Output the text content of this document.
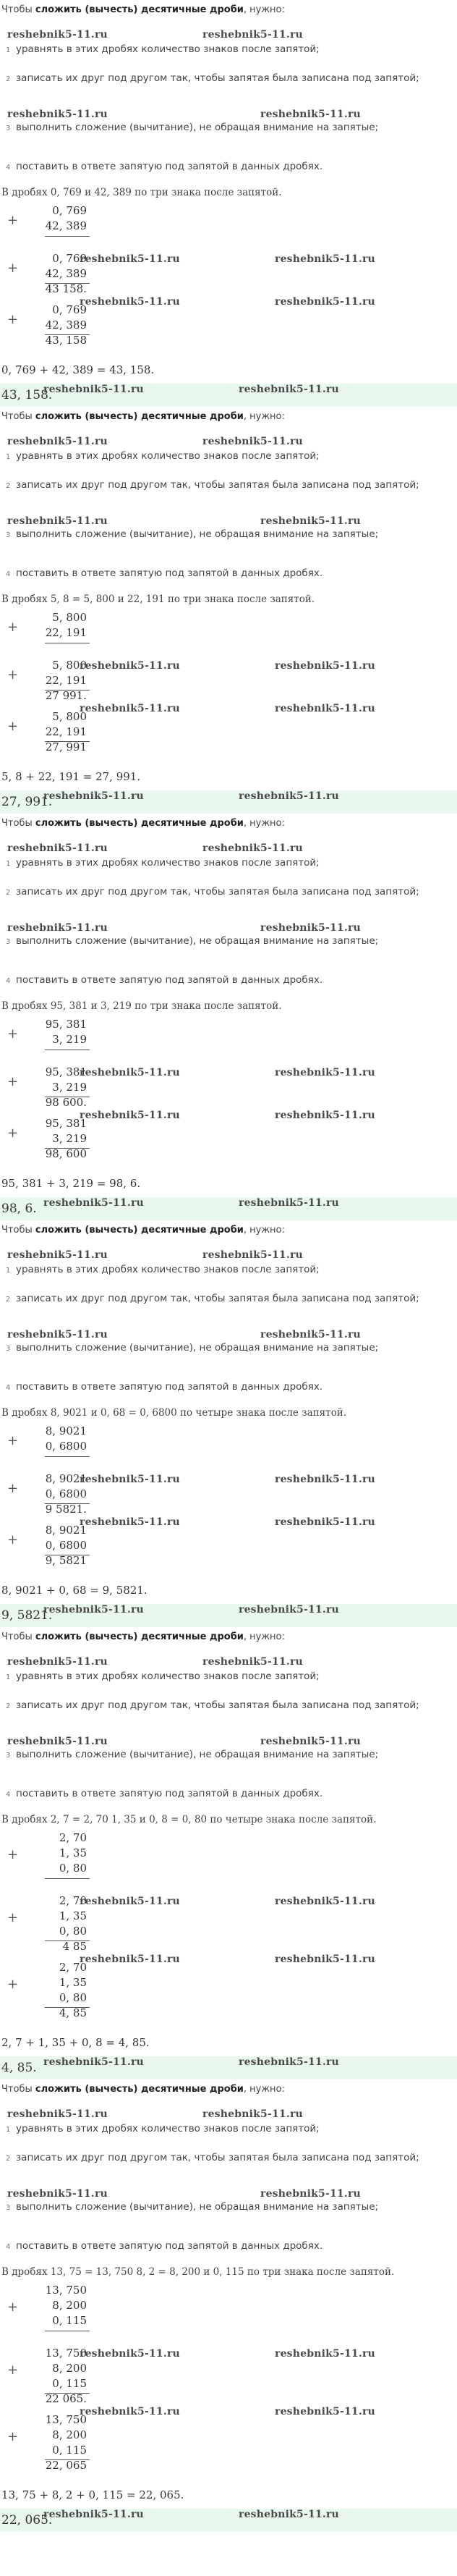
Чтобы сложить (вычесть) десятичные дроби, нужно:
1 уравнять в этих дробях количество знаков после запятой;
2 записать их друг под другом так, чтобы запятая была записана под запятой;
3 выполнить сложение (вычитание), не обращая внимание на запятые;
4 поставить в ответе запятую под запятой в данных дробях.
reshebnik5-11.ru	reshebnik5-11.ru
reshebnik5-11.ru	reshebnik5-11.ru
В дробях 0, 769 и 42, 389 по три знака после запятой.
0, 769
42, 389
+
0, 769
42, 389
43 158.
+
reshebnik5-11.ru	reshebnik5-11.ru
0, 769
42, 389
43, 158
+
reshebnik5-11.ru	reshebnik5-11.ru
0, 769 + 42, 389 = 43, 158.
43, 158.
reshebnik5-11.ru	reshebnik5-11.ru
Чтобы сложить (вычесть) десятичные дроби, нужно:
1 уравнять в этих дробях количество знаков после запятой;
2 записать их друг под другом так, чтобы запятая была записана под запятой;
3 выполнить сложение (вычитание), не обращая внимание на запятые;
4 поставить в ответе запятую под запятой в данных дробях.
reshebnik5-11.ru	reshebnik5-11.ru
reshebnik5-11.ru	reshebnik5-11.ru
В дробях 5, 8 = 5, 800 и 22, 191 по три знака после запятой.
5, 800
22, 191
+
5, 800
22, 191
27 991.
+
reshebnik5-11.ru	reshebnik5-11.ru
5, 800
22, 191
27, 991
+
reshebnik5-11.ru	reshebnik5-11.ru
5, 8 + 22, 191 = 27, 991.
27, 991.
reshebnik5-11.ru	reshebnik5-11.ru
Чтобы сложить (вычесть) десятичные дроби, нужно:
1 уравнять в этих дробях количество знаков после запятой;
2 записать их друг под другом так, чтобы запятая была записана под запятой;
3 выполнить сложение (вычитание), не обращая внимание на запятые;
4 поставить в ответе запятую под запятой в данных дробях.
reshebnik5-11.ru	reshebnik5-11.ru
reshebnik5-11.ru	reshebnik5-11.ru
В дробях 95, 381 и 3, 219 по три знака после запятой.
95, 381
3, 219
+
95, 381
3, 219
98 600.
+
reshebnik5-11.ru	reshebnik5-11.ru
95, 381
3, 219
98, 600
+
reshebnik5-11.ru	reshebnik5-11.ru
95, 381 + 3, 219 = 98, 6.
98, 6. reshebnik5-11.ru	reshebnik5-11.ru
Чтобы сложить (вычесть) десятичные дроби, нужно:
1 уравнять в этих дробях количество знаков после запятой;
2 записать их друг под другом так, чтобы запятая была записана под запятой;
3 выполнить сложение (вычитание), не обращая внимание на запятые;
4 поставить в ответе запятую под запятой в данных дробях.
reshebnik5-11.ru	reshebnik5-11.ru
reshebnik5-11.ru	reshebnik5-11.ru
В дробях 8, 9021 и 0, 68 = 0, 6800 по четыре знака после запятой.
8, 9021
0, 6800
+
8, 9021
0, 6800
9 5821.
+
reshebnik5-11.ru	reshebnik5-11.ru
8, 9021
0, 6800
9, 5821
+
reshebnik5-11.ru	reshebnik5-11.ru
8, 9021 + 0, 68 = 9, 5821.
9, 5821.
reshebnik5-11.ru	reshebnik5-11.ru
Чтобы сложить (вычесть) десятичные дроби, нужно:
1 уравнять в этих дробях количество знаков после запятой;
2 записать их друг под другом так, чтобы запятая была записана под запятой;
3 выполнить сложение (вычитание), не обращая внимание на запятые;
4 поставить в ответе запятую под запятой в данных дробях.
reshebnik5-11.ru	reshebnik5-11.ru
reshebnik5-11.ru	reshebnik5-11.ru
В дробях 2, 7 = 2, 70 1, 35 и 0, 8 = 0, 80 по четыре знака после запятой.
2, 70
1, 35
0, 80
+
2, 70
1, 35
0, 80
4 85
+
reshebnik5-11.ru	reshebnik5-11.ru
2, 70
1, 35
0, 80
4, 85
+
reshebnik5-11.ru	reshebnik5-11.ru
2, 7 + 1, 35 + 0, 8 = 4, 85.
4, 85. reshebnik5-11.ru	reshebnik5-11.ru
Чтобы сложить (вычесть) десятичные дроби, нужно:
1 уравнять в этих дробях количество знаков после запятой;
2 записать их друг под другом так, чтобы запятая была записана под запятой;
3 выполнить сложение (вычитание), не обращая внимание на запятые;
4 поставить в ответе запятую под запятой в данных дробях.
reshebnik5-11.ru	reshebnik5-11.ru
reshebnik5-11.ru	reshebnik5-11.ru
В дробях 13, 75 = 13, 750 8, 2 = 8, 200 и 0, 115 по три знака после запятой.
13, 750
8, 200
0, 115
+
13, 750
8, 200
0, 115
22 065.
+
reshebnik5-11.ru	reshebnik5-11.ru
13, 750
8, 200
0, 115
22, 065
+
reshebnik5-11.ru	reshebnik5-11.ru
13, 75 + 8, 2 + 0, 115 = 22, 065.
22, 065.
reshebnik5-11.ru	reshebnik5-11.ru
